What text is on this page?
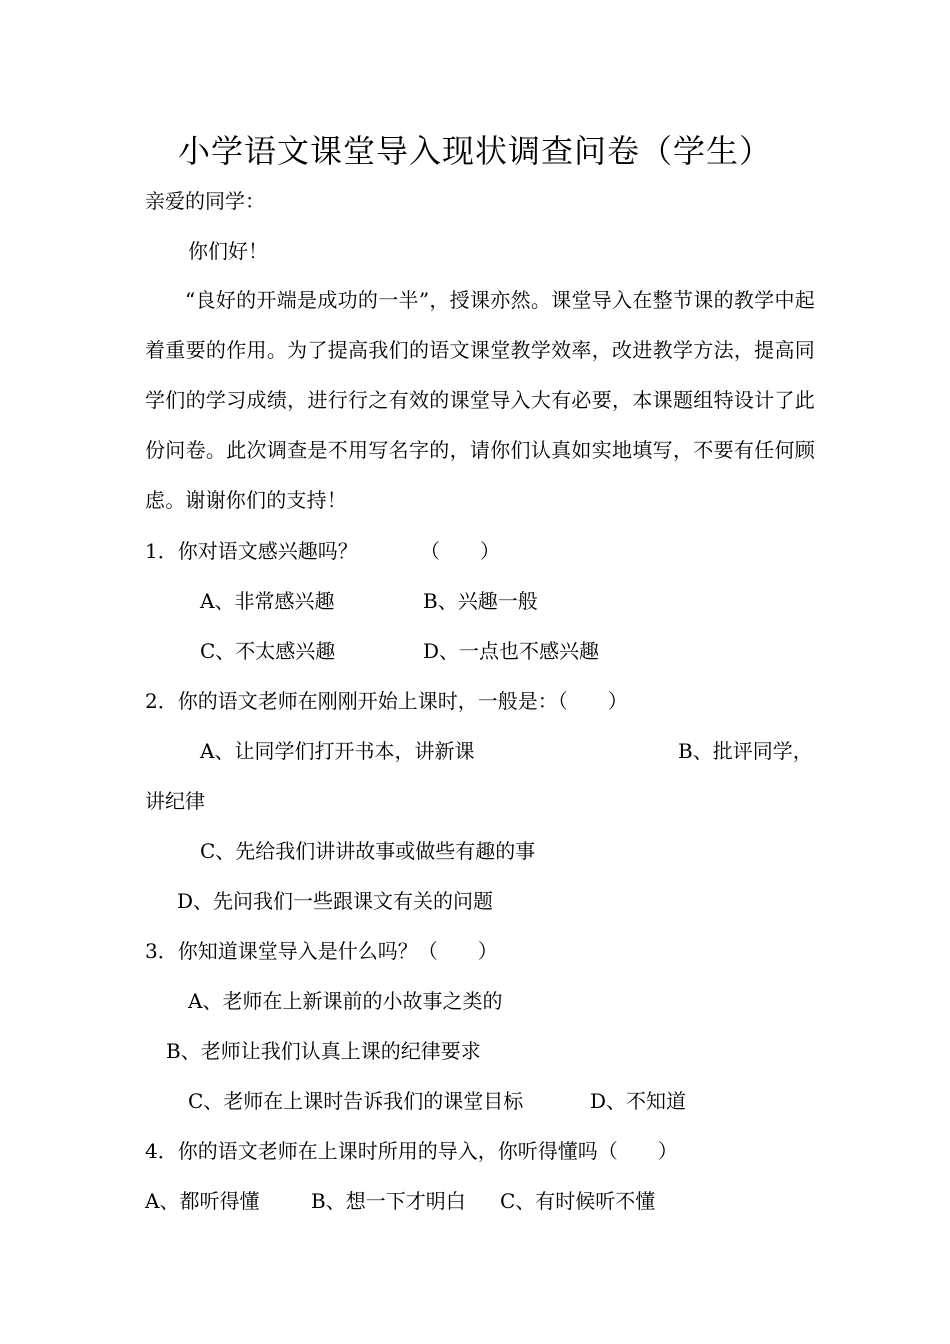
小学语文课堂导入现状调查问卷（学生）
亲爱的同学：
你们好！
“良好的开端是成功的一半”，授课亦然。课堂导入在整节课的教学中起着重要的作用。为了提高我们的语文课堂教学效率，改进教学方法，提高同学们的学习成绩，进行行之有效的课堂导入大有必要，本课题组特设计了此份问卷。此次调查是不用写名字的，请你们认真如实地填写，不要有任何顾虑。谢谢你们的支持！
1．你对语文感兴趣吗？	（　　）
A、非常感兴趣	B、兴趣一般
C、不太感兴趣	D、一点也不感兴趣
2．你的语文老师在刚刚开始上课时，一般是：（　　）
A、让同学们打开书本，讲新课	B、批评同学，
讲纪律
C、先给我们讲讲故事或做些有趣的事
D、先问我们一些跟课文有关的问题
3．你知道课堂导入是什么吗？（　　）
A、老师在上新课前的小故事之类的
B、老师让我们认真上课的纪律要求
C、老师在上课时告诉我们的课堂目标	D、不知道
4．你的语文老师在上课时所用的导入，你听得懂吗（　　）
A、都听得懂	B、想一下才明白 C、有时候听不懂
